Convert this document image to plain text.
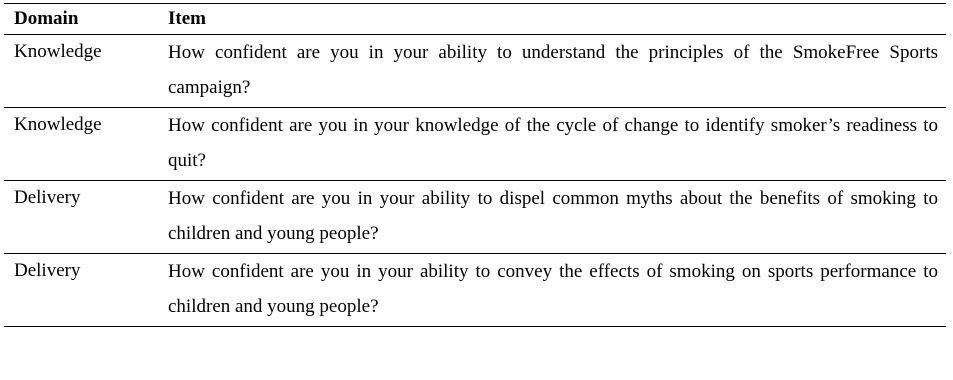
Domain	Item
Knowledge	How confident are you in your ability to understand the principles of the SmokeFree Sports campaign?
Knowledge	How confident are you in your knowledge of the cycle of change to identify smoker’s readiness to quit?
Delivery	How confident are you in your ability to dispel common myths about the benefits of smoking to children and young people?
Delivery	How confident are you in your ability to convey the effects of smoking on sports performance to children and young people?
